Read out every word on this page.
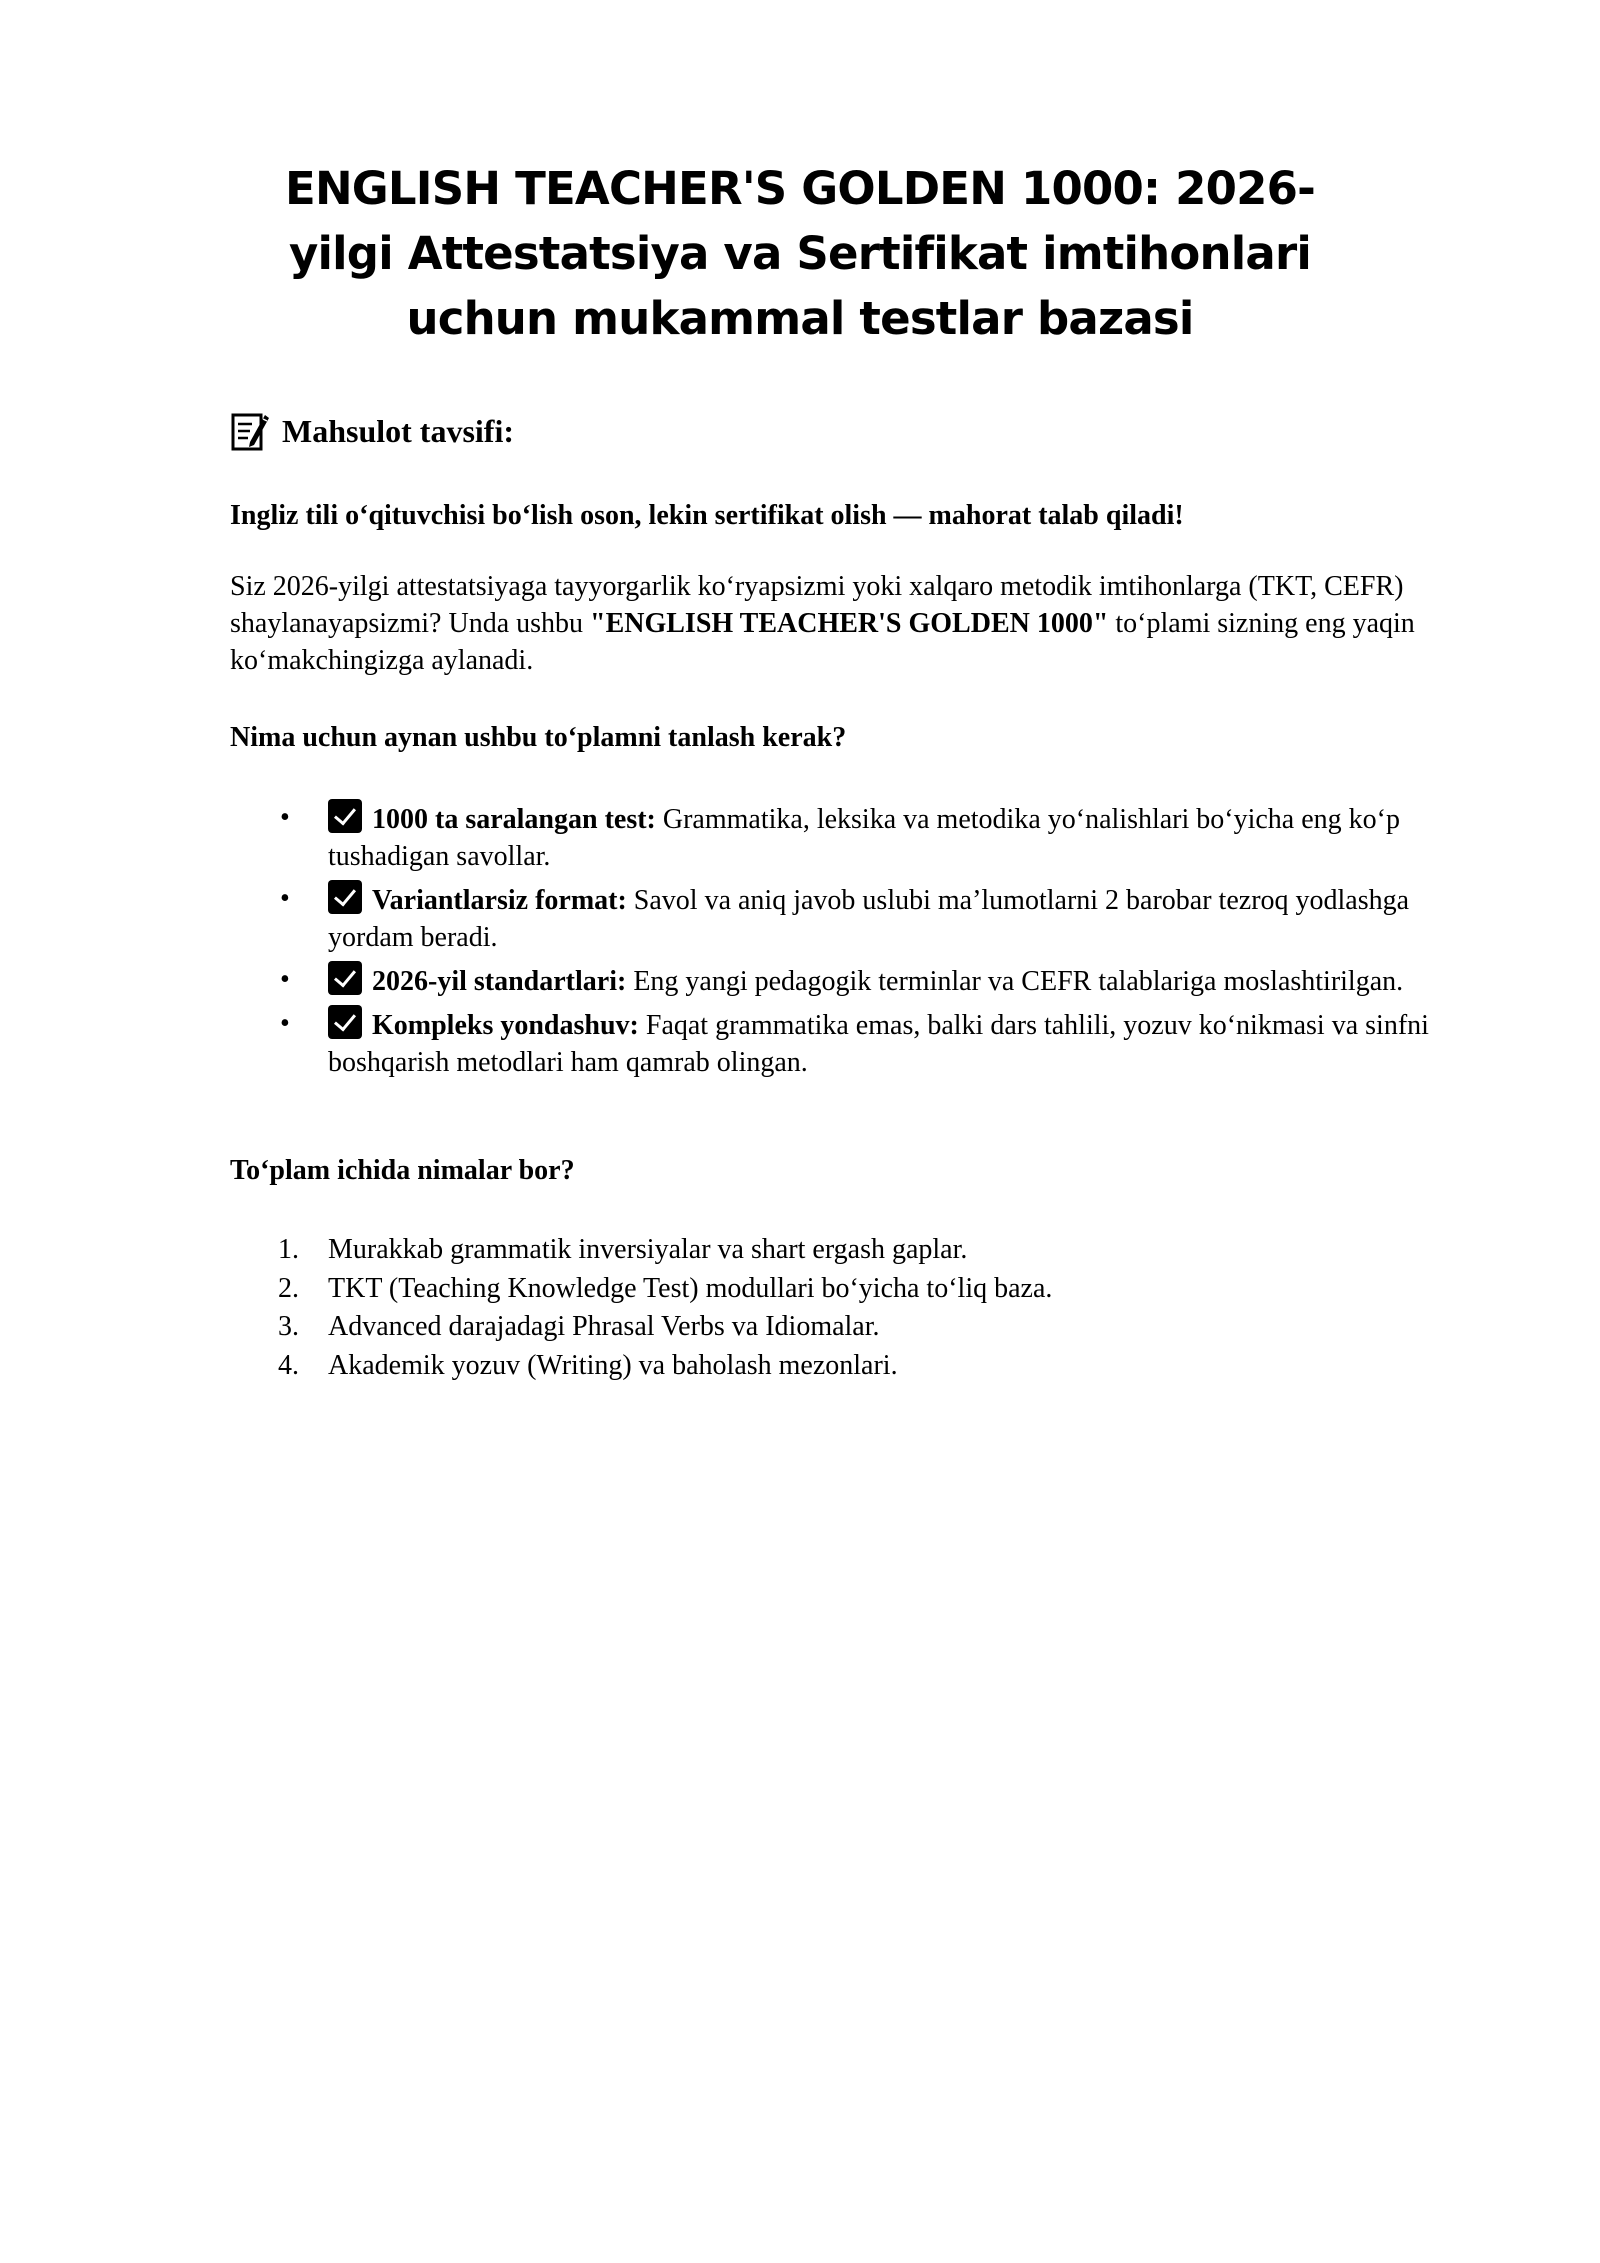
ENGLISH TEACHER'S GOLDEN 1000: 2026-yilgi Attestatsiya va Sertifikat imtihonlari uchun mukammal testlar bazasi
Mahsulot tavsifi:

Ingliz tili o‘qituvchisi bo‘lish oson, lekin sertifikat olish — mahorat talab qiladi!

Siz 2026-yilgi attestatsiyaga tayyorgarlik ko‘ryapsizmi yoki xalqaro metodik imtihonlarga (TKT, CEFR) shaylanayapsizmi? Unda ushbu "ENGLISH TEACHER'S GOLDEN 1000" to‘plami sizning eng yaqin ko‘makchingizga aylanadi.

Nima uchun aynan ushbu to‘plamni tanlash kerak?

•	1000 ta saralangan test: Grammatika, leksika va metodika yo‘nalishlari bo‘yicha eng ko‘p tushadigan savollar.
•	Variantlarsiz format: Savol va aniq javob uslubi ma’lumotlarni 2 barobar tezroq yodlashga yordam beradi.
•	2026-yil standartlari: Eng yangi pedagogik terminlar va CEFR talablariga moslashtirilgan.
•	Kompleks yondashuv: Faqat grammatika emas, balki dars tahlili, yozuv ko‘nikmasi va sinfni boshqarish metodlari ham qamrab olingan.

To‘plam ichida nimalar bor?

1. Murakkab grammatik inversiyalar va shart ergash gaplar.
2. TKT (Teaching Knowledge Test) modullari bo‘yicha to‘liq baza.
3. Advanced darajadagi Phrasal Verbs va Idiomalar.
4. Akademik yozuv (Writing) va baholash mezonlari.
